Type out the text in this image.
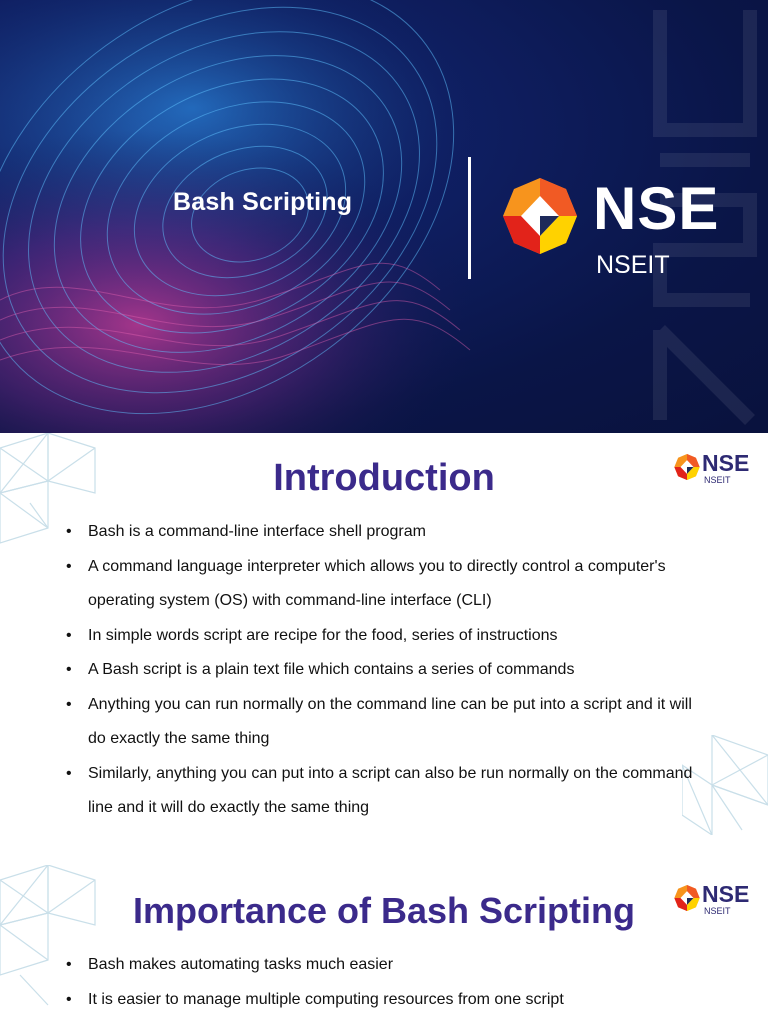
Bash Scripting	NSE
NSEIT
Introduction	NSE
NSEIT
• Bash is a command-line interface shell program
• A command language interpreter which allows you to directly control a computer's operating system (OS) with command-line interface (CLI)
• In simple words script are recipe for the food, series of instructions
• A Bash script is a plain text file which contains a series of commands
• Anything you can run normally on the command line can be put into a script and it will do exactly the same thing
• Similarly, anything you can put into a script can also be run normally on the command line and it will do exactly the same thing
Importance of Bash Scripting	NSE
NSEIT
• Bash makes automating tasks much easier
• It is easier to manage multiple computing resources from one script
